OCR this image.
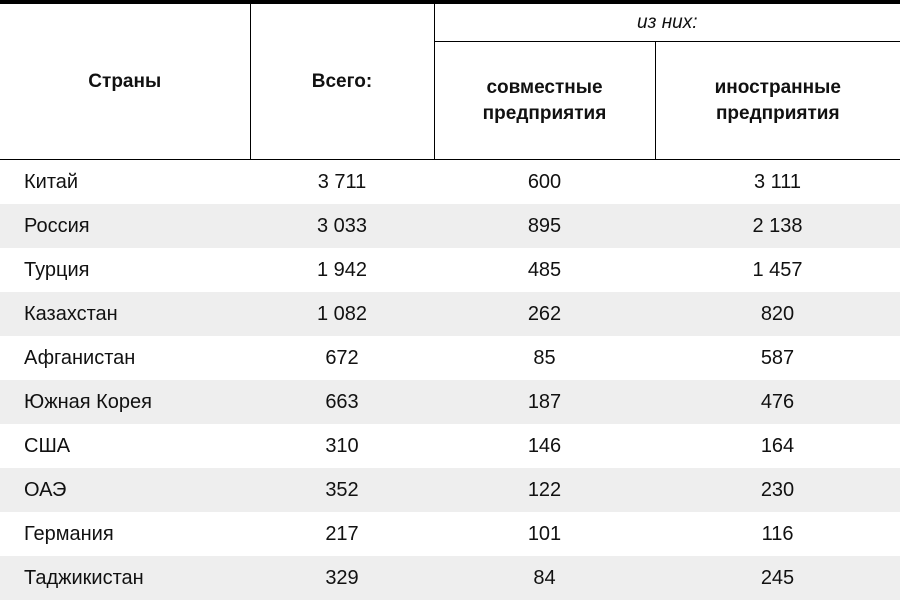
Страны	Всего:	из них:	
		совместные предприятия	иностранные предприятия
Китай	3 711	600	3 111
Россия	3 033	895	2 138
Турция	1 942	485	1 457
Казахстан	1 082	262	820
Афганистан	672	85	587
Южная Корея	663	187	476
США	310	146	164
ОАЭ	352	122	230
Германия	217	101	116
Таджикистан	329	84	245
